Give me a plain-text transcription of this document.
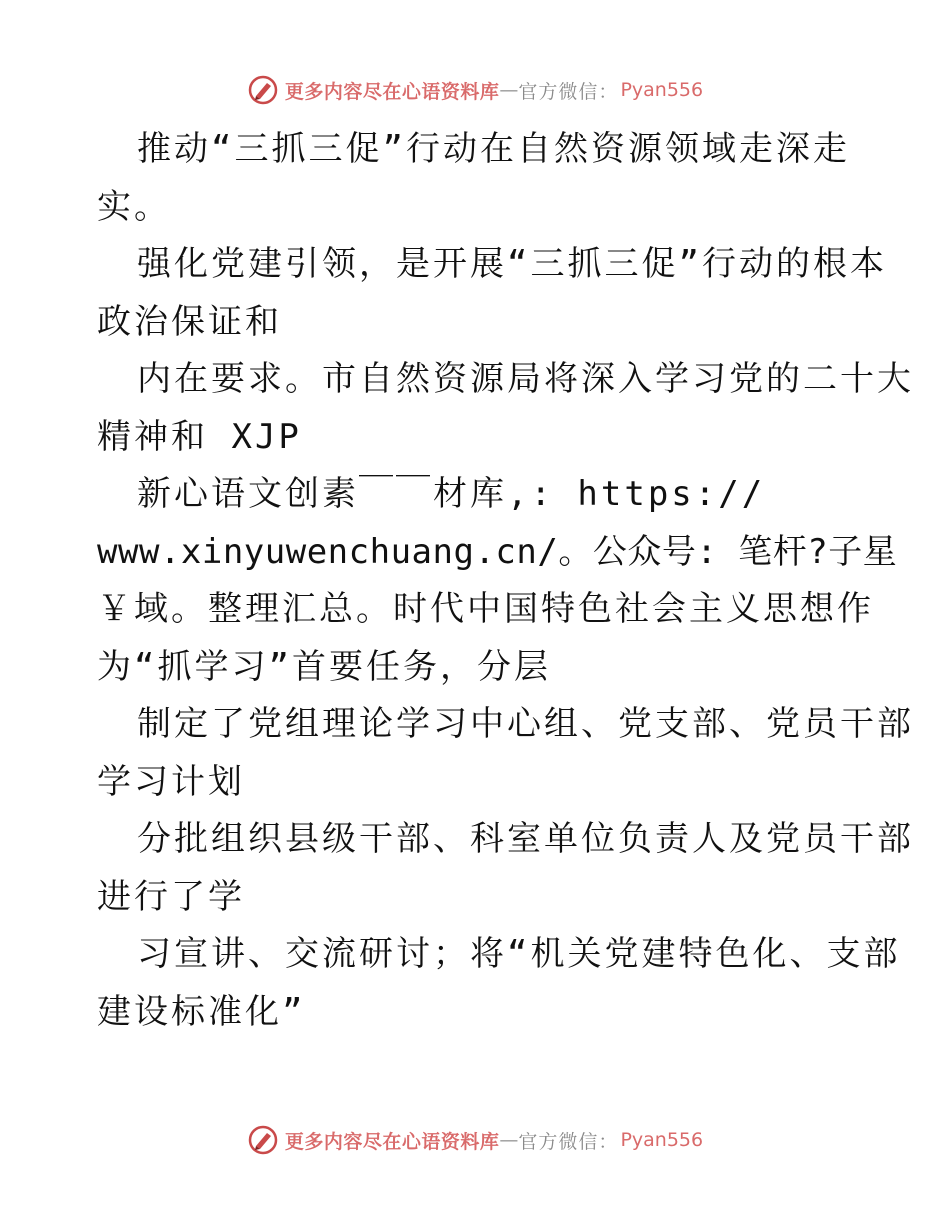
更多内容尽在心语资料库 — 官方微信： Pyan556
推动“三抓三促”行动在自然资源领域走深走
实。
强化党建引领，是开展“三抓三促”行动的根本
政治保证和
内在要求。市自然资源局将深入学习党的二十大
精神和 XJP
新心语文创素￣￣材库,: https://
www.xinyuwenchuang.cn/。公众号: 笔杆?子星
￥域。整理汇总。时代中国特色社会主义思想作
为“抓学习”首要任务，分层
制定了党组理论学习中心组、党支部、党员干部
学习计划
分批组织县级干部、科室单位负责人及党员干部
进行了学
习宣讲、交流研讨；将“机关党建特色化、支部
建设标准化”
更多内容尽在心语资料库 — 官方微信： Pyan556
